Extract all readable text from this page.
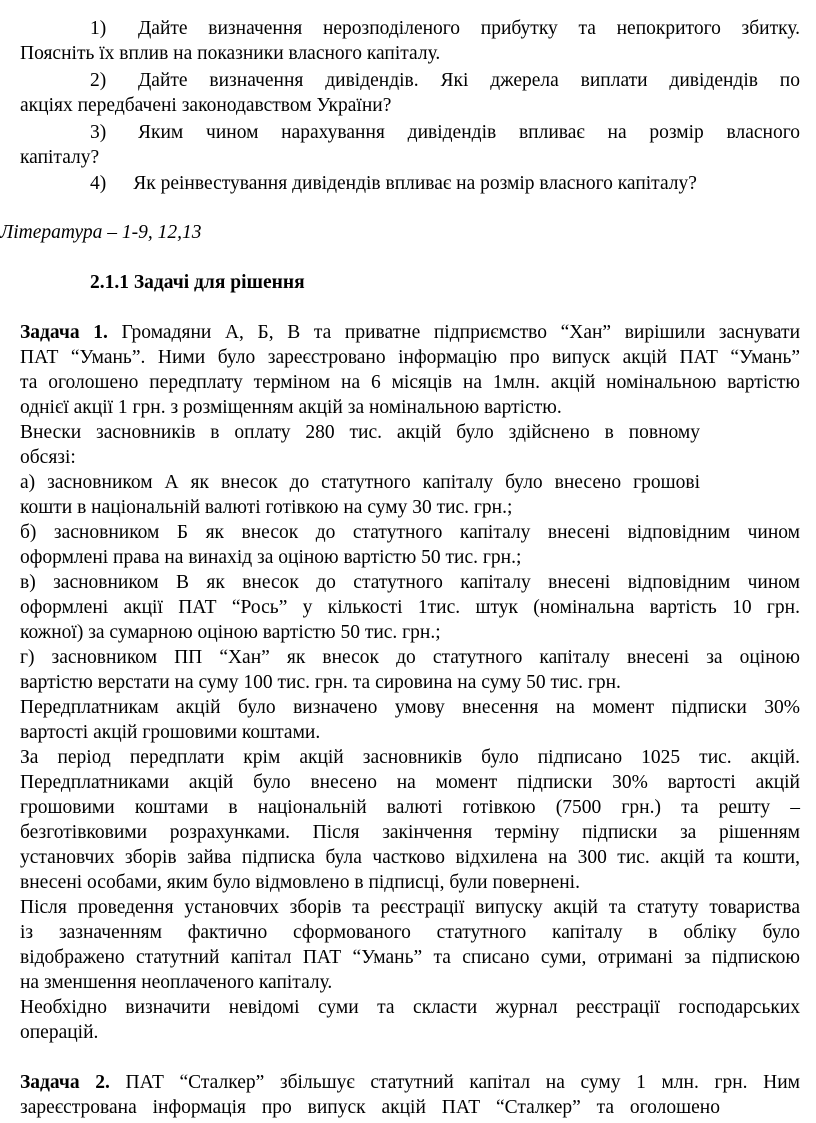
1) Дайте визначення нерозподіленого прибутку та непокритого збитку.
Поясніть їх вплив на показники власного капіталу.
2) Дайте визначення дивідендів. Які джерела виплати дивідендів по
акціях передбачені законодавством України?
3) Яким чином нарахування дивідендів впливає на розмір власного
капіталу?
4) Як реінвестування дивідендів впливає на розмір власного капіталу?
Література – 1-9, 12,13
2.1.1 Задачі для рішення
Задача 1. Громадяни А, Б, В та приватне підприємство “Хан” вирішили заснувати
ПАТ “Умань”. Ними було зареєстровано інформацію про випуск акцій ПАТ “Умань”
та оголошено передплату терміном на 6 місяців на 1млн. акцій номінальною вартістю
однієї акції 1 грн. з розміщенням акцій за номінальною вартістю.
Внески засновників в оплату 280 тис. акцій було здійснено в повному
обсязі:
а) засновником А як внесок до статутного капіталу було внесено грошові
кошти в національній валюті готівкою на суму 30 тис. грн.;
б) засновником Б як внесок до статутного капіталу внесені відповідним чином
оформлені права на винахід за оціною вартістю 50 тис. грн.;
в) засновником В як внесок до статутного капіталу внесені відповідним чином
оформлені акції ПАТ “Рось” у кількості 1тис. штук (номінальна вартість 10 грн.
кожної) за сумарною оціною вартістю 50 тис. грн.;
г) засновником ПП “Хан” як внесок до статутного капіталу внесені за оціною
вартістю верстати на суму 100 тис. грн. та сировина на суму 50 тис. грн.
Передплатникам акцій було визначено умову внесення на момент підписки 30%
вартості акцій грошовими коштами.
За період передплати крім акцій засновників було підписано 1025 тис. акцій.
Передплатниками акцій було внесено на момент підписки 30% вартості акцій
грошовими коштами в національній валюті готівкою (7500 грн.) та решту –
безготівковими розрахунками. Після закінчення терміну підписки за рішенням
установчих зборів зайва підписка була частково відхилена на 300 тис. акцій та кошти,
внесені особами, яким було відмовлено в підписці, були повернені.
Після проведення установчих зборів та реєстрації випуску акцій та статуту товариства
із зазначенням фактично сформованого статутного капіталу в обліку було
відображено статутний капітал ПАТ “Умань” та списано суми, отримані за підпискою
на зменшення неоплаченого капіталу.
Необхідно визначити невідомі суми та скласти журнал реєстрації господарських
операцій.
Задача 2. ПАТ “Сталкер” збільшує статутний капітал на суму 1 млн. грн. Ним
зареєстрована інформація про випуск акцій ПАТ “Сталкер” та оголошено
